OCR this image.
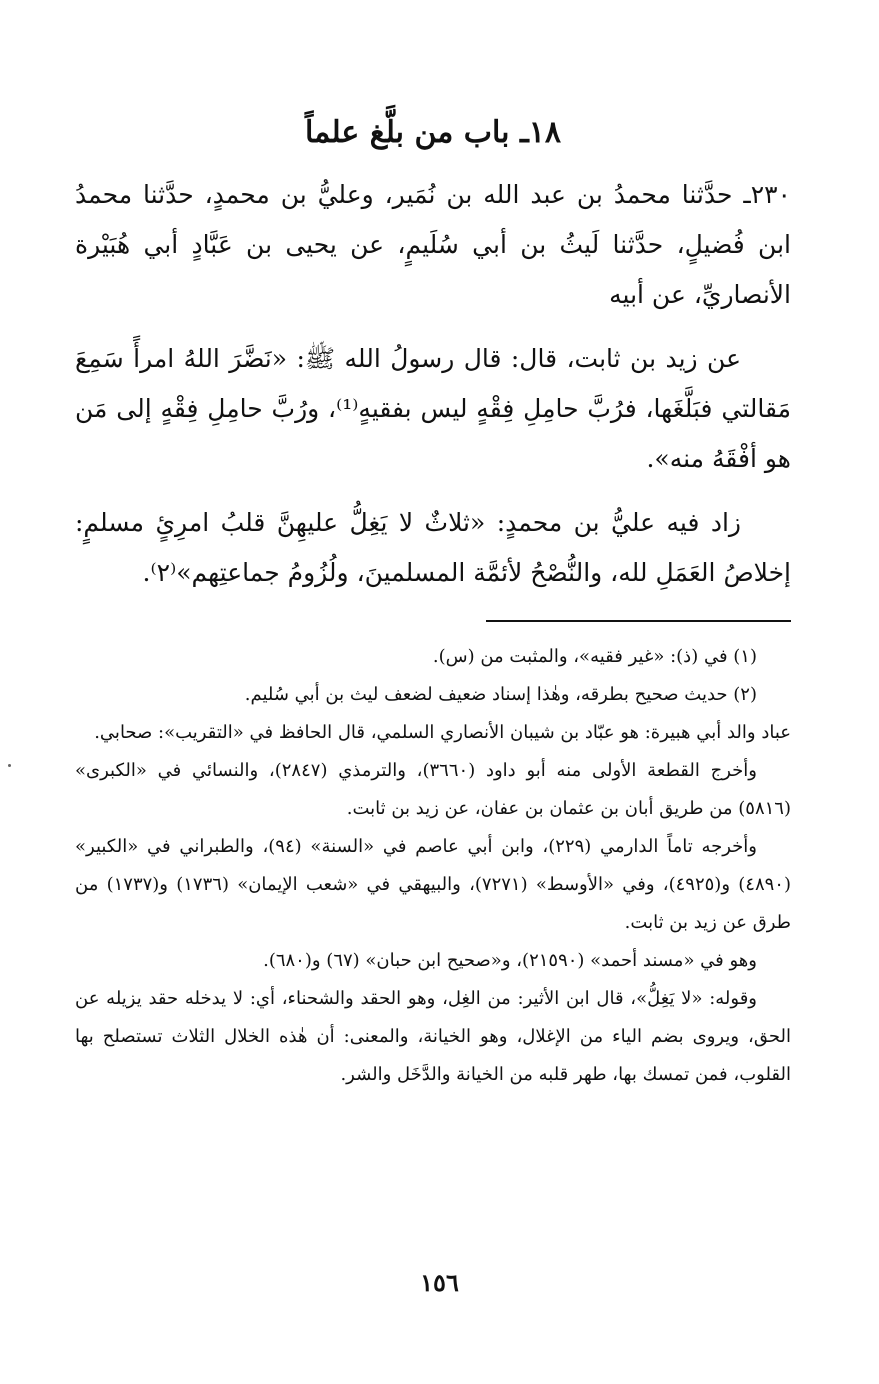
١٨ـ باب من بلَّغ علماً

٢٣٠ـ حدَّثنا محمدُ بن عبد الله بن نُمَير، وعليُّ بن محمدٍ، حدَّثنا محمدُ ابن فُضيلٍ، حدَّثنا لَيثُ بن أبي سُلَيمٍ، عن يحيى بن عَبَّادٍ أبي هُبَيْرة الأنصاريِّ، عن أبيه

عن زيد بن ثابت، قال: قال رسولُ الله ﷺ: «نَضَّرَ اللهُ امرأً سَمِعَ مَقالتي فبَلَّغَها، فرُبَّ حامِلِ فِقْهٍ ليس بفقيهٍ⁽¹⁾، ورُبَّ حامِلِ فِقْهٍ إلى مَن هو أفْقَهُ منه».

زاد فيه عليُّ بن محمدٍ: «ثلاثٌ لا يَغِلُّ عليهِنَّ قلبُ امرِئٍ مسلمٍ: إخلاصُ العَمَلِ لله، والنُّصْحُ لأئمَّة المسلمينَ، ولُزُومُ جماعتِهم»⁽٢⁾.

(١) في (ذ): «غير فقيه»، والمثبت من (س).

(٢) حديث صحيح بطرقه، وهٰذا إسناد ضعيف لضعف ليث بن أبي سُليم.

عباد والد أبي هبيرة: هو عبّاد بن شيبان الأنصاري السلمي، قال الحافظ في «التقريب»: صحابي.

وأخرج القطعة الأولى منه أبو داود (٣٦٦٠)، والترمذي (٢٨٤٧)، والنسائي في «الكبرى» (٥٨١٦) من طريق أبان بن عثمان بن عفان، عن زيد بن ثابت.

وأخرجه تاماً الدارمي (٢٢٩)، وابن أبي عاصم في «السنة» (٩٤)، والطبراني في «الكبير» (٤٨٩٠) و(٤٩٢٥)، وفي «الأوسط» (٧٢٧١)، والبيهقي في «شعب الإيمان» (١٧٣٦) و(١٧٣٧) من طرق عن زيد بن ثابت.

وهو في «مسند أحمد» (٢١٥٩٠)، و«صحيح ابن حبان» (٦٧) و(٦٨٠).

وقوله: «لا يَغِلُّ»، قال ابن الأثير: من الغِل، وهو الحقد والشحناء، أي: لا يدخله حقد يزيله عن الحق، ويروى بضم الياء من الإغلال، وهو الخيانة، والمعنى: أن هٰذه الخلال الثلاث تستصلح بها القلوب، فمن تمسك بها، طهر قلبه من الخيانة والدَّخَل والشر.

١٥٦
